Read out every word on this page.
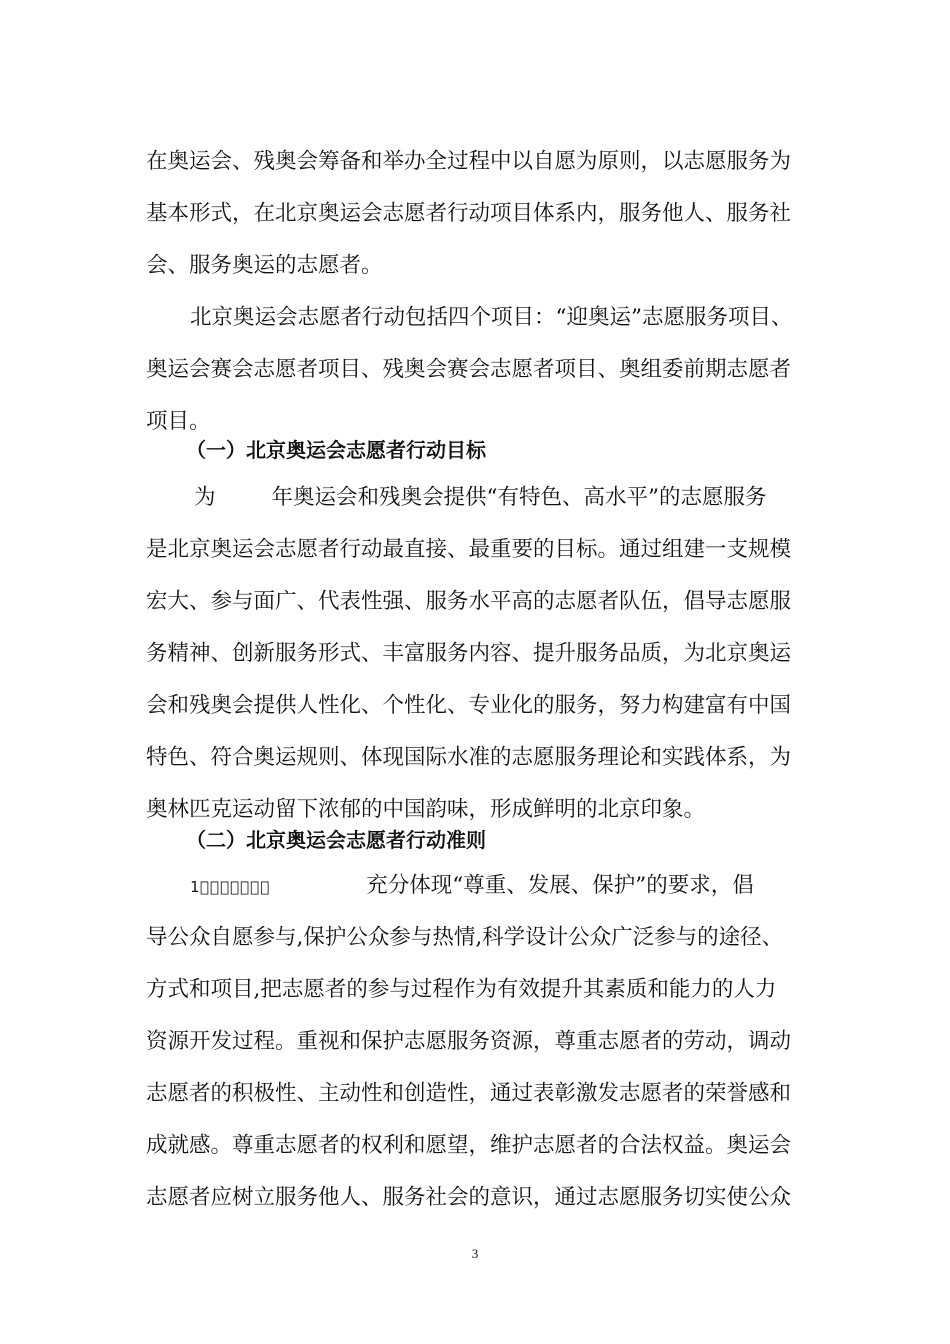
在奥运会、残奥会筹备和举办全过程中以自愿为原则，以志愿服务为
基本形式，在北京奥运会志愿者行动项目体系内，服务他人、服务社
会、服务奥运的志愿者。
北京奥运会志愿者行动包括四个项目：“迎奥运”志愿服务项目、
奥运会赛会志愿者项目、残奥会赛会志愿者项目、奥组委前期志愿者
项目。
（一）北京奥运会志愿者行动目标
为	年奥运会和残奥会提供“有特色、高水平”的志愿服务
是北京奥运会志愿者行动最直接、最重要的目标。通过组建一支规模
宏大、参与面广、代表性强、服务水平高的志愿者队伍，倡导志愿服
务精神、创新服务形式、丰富服务内容、提升服务品质，为北京奥运
会和残奥会提供人性化、个性化、专业化的服务，努力构建富有中国
特色、符合奥运规则、体现国际水准的志愿服务理论和实践体系，为
奥林匹克运动留下浓郁的中国韵味，形成鲜明的北京印象。
（二）北京奥运会志愿者行动准则
1       	充分体现“尊重、发展、保护”的要求，倡
导公众自愿参与,保护公众参与热情,科学设计公众广泛参与的途径、
方式和项目,把志愿者的参与过程作为有效提升其素质和能力的人力
资源开发过程。重视和保护志愿服务资源，尊重志愿者的劳动，调动
志愿者的积极性、主动性和创造性，通过表彰激发志愿者的荣誉感和
成就感。尊重志愿者的权利和愿望，维护志愿者的合法权益。奥运会
志愿者应树立服务他人、服务社会的意识，通过志愿服务切实使公众
3
